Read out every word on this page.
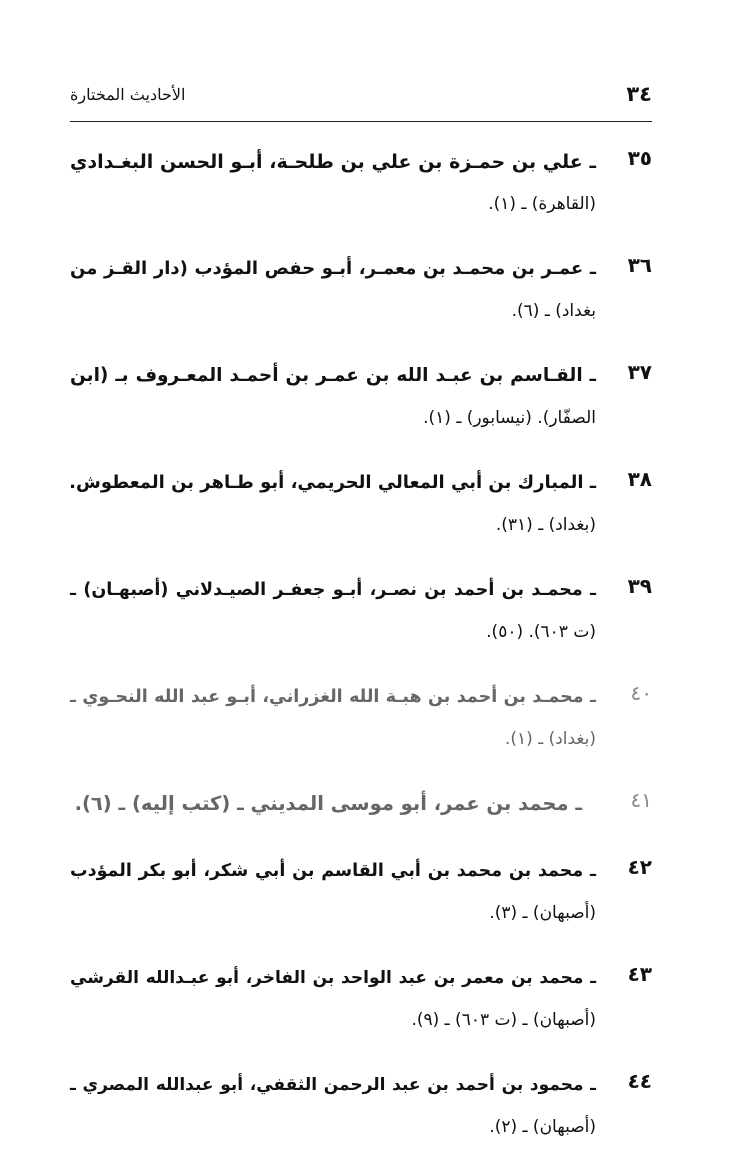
٣٤
الأحاديث المختارة
٣٥
ـ علي بن حمـزة بن علي بن طلحـة، أبـو الحسن البغـدادي
(القاهرة) ـ (١).
٣٦
ـ عمـر بن محمـد بن معمـر، أبـو حفص المؤدب (دار القـز من
بغداد) ـ (٦).
٣٧
ـ القـاسم بن عبـد الله بن عمـر بن أحمـد المعـروف بـ (ابن
الصفّار). (نيسابور) ـ (١).
٣٨
ـ المبارك بن أبي المعالي الحريمي، أبو طـاهر بن المعطوش.
(بغداد) ـ (٣١).
٣٩
ـ محمـد بن أحمد بن نصـر، أبـو جعفـر الصيـدلاني (أصبهـان) ـ
(ت ٦٠٣). (٥٠).
٤٠
ـ محمـد بن أحمد بن هبـة الله الغزراني، أبـو عبد الله النحـوي ـ
(بغداد) ـ (١).
٤١
ـ محمد بن عمر، أبو موسى المديني ـ (كتب إليه) ـ (٦).
٤٢
ـ محمد بن محمد بن أبي القاسم بن أبي شكر، أبو بكر المؤدب
(أصبهان) ـ (٣).
٤٣
ـ محمد بن معمر بن عبد الواحد بن الفاخر، أبو عبـدالله القرشي
(أصبهان) ـ (ت ٦٠٣) ـ (٩).
٤٤
ـ محمود بن أحمد بن عبد الرحمن الثقفي، أبو عبدالله المصري ـ
(أصبهان) ـ (٢).
